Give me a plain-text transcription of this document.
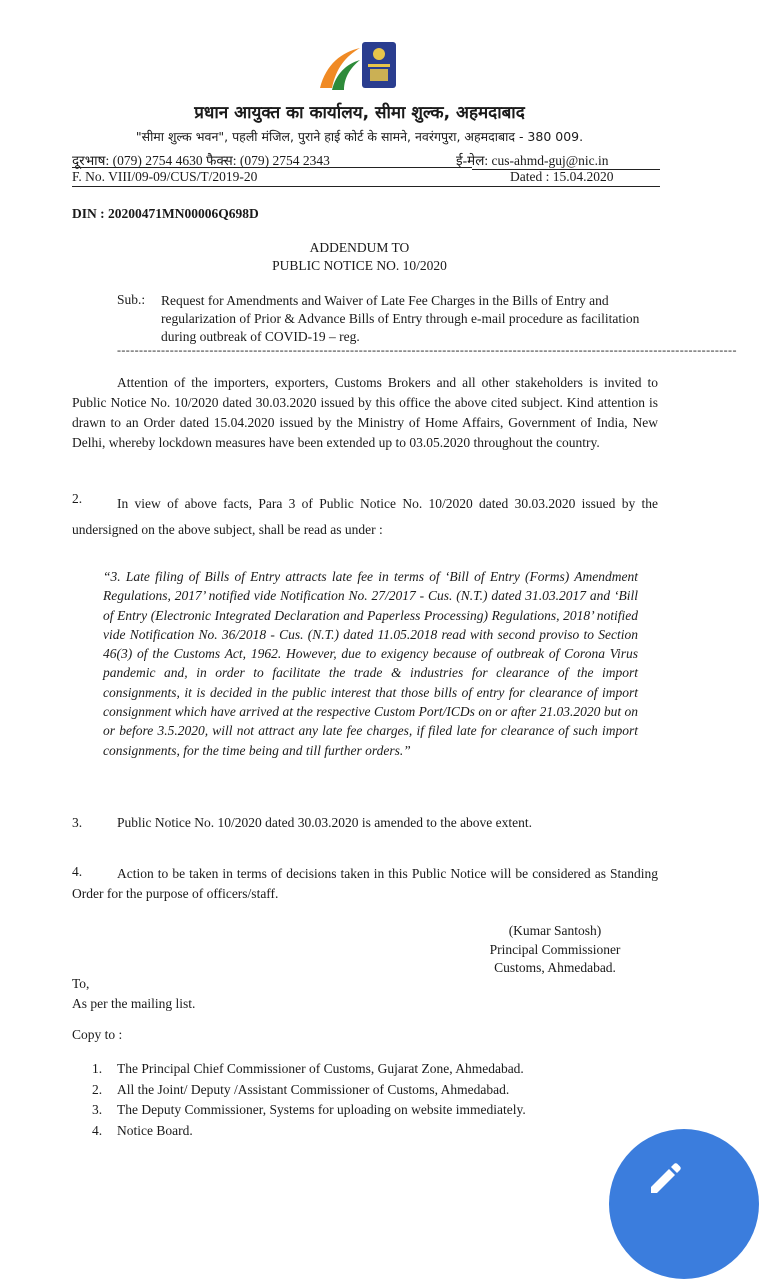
प्रधान आयुक्त का कार्यालय, सीमा शुल्क, अहमदाबाद
"सीमा शुल्क भवन", पहली मंजिल, पुराने हाई कोर्ट के सामने, नवरंगपुरा, अहमदाबाद - 380 009.
दूरभाष: (079) 2754 4630 फैक्स: (079) 2754 2343	ई-मेल: cus-ahmd-guj@nic.in
F. No. VIII/09-09/CUS/T/2019-20	Dated : 15.04.2020
DIN : 20200471MN00006Q698D
ADDENDUM TO
PUBLIC NOTICE NO. 10/2020
Sub.: Request for Amendments and Waiver of Late Fee Charges in the Bills of Entry and regularization of Prior & Advance Bills of Entry through e-mail procedure as facilitation during outbreak of COVID-19 – reg.
---------------------------------------------------------------------------------------------------------------------------------------------
Attention of the importers, exporters, Customs Brokers and all other stakeholders is invited to Public Notice No. 10/2020 dated 30.03.2020 issued by this office the above cited subject. Kind attention is drawn to an Order dated 15.04.2020 issued by the Ministry of Home Affairs, Government of India, New Delhi, whereby lockdown measures have been extended up to 03.05.2020 throughout the country.
2.	In view of above facts, Para 3 of Public Notice No. 10/2020 dated 30.03.2020 issued by the undersigned on the above subject, shall be read as under :
“3. Late filing of Bills of Entry attracts late fee in terms of ‘Bill of Entry (Forms) Amendment Regulations, 2017’ notified vide Notification No. 27/2017 - Cus. (N.T.) dated 31.03.2017 and ‘Bill of Entry (Electronic Integrated Declaration and Paperless Processing) Regulations, 2018’ notified vide Notification No. 36/2018 - Cus. (N.T.) dated 11.05.2018 read with second proviso to Section 46(3) of the Customs Act, 1962. However, due to exigency because of outbreak of Corona Virus pandemic and, in order to facilitate the trade & industries for clearance of the import consignments, it is decided in the public interest that those bills of entry for clearance of import consignment which have arrived at the respective Custom Port/ICDs on or after 21.03.2020 but on or before 3.5.2020, will not attract any late fee charges, if filed late for clearance of such import consignments, for the time being and till further orders.”
3.	Public Notice No. 10/2020 dated 30.03.2020 is amended to the above extent.
4.	Action to be taken in terms of decisions taken in this Public Notice will be considered as Standing Order for the purpose of officers/staff.
(Kumar Santosh)
Principal Commissioner
Customs, Ahmedabad.
To,
As per the mailing list.
Copy to :
1.	The Principal Chief Commissioner of Customs, Gujarat Zone, Ahmedabad.
2.	All the Joint/ Deputy /Assistant Commissioner of Customs, Ahmedabad.
3.	The Deputy Commissioner, Systems for uploading on website immediately.
4.	Notice Board.
